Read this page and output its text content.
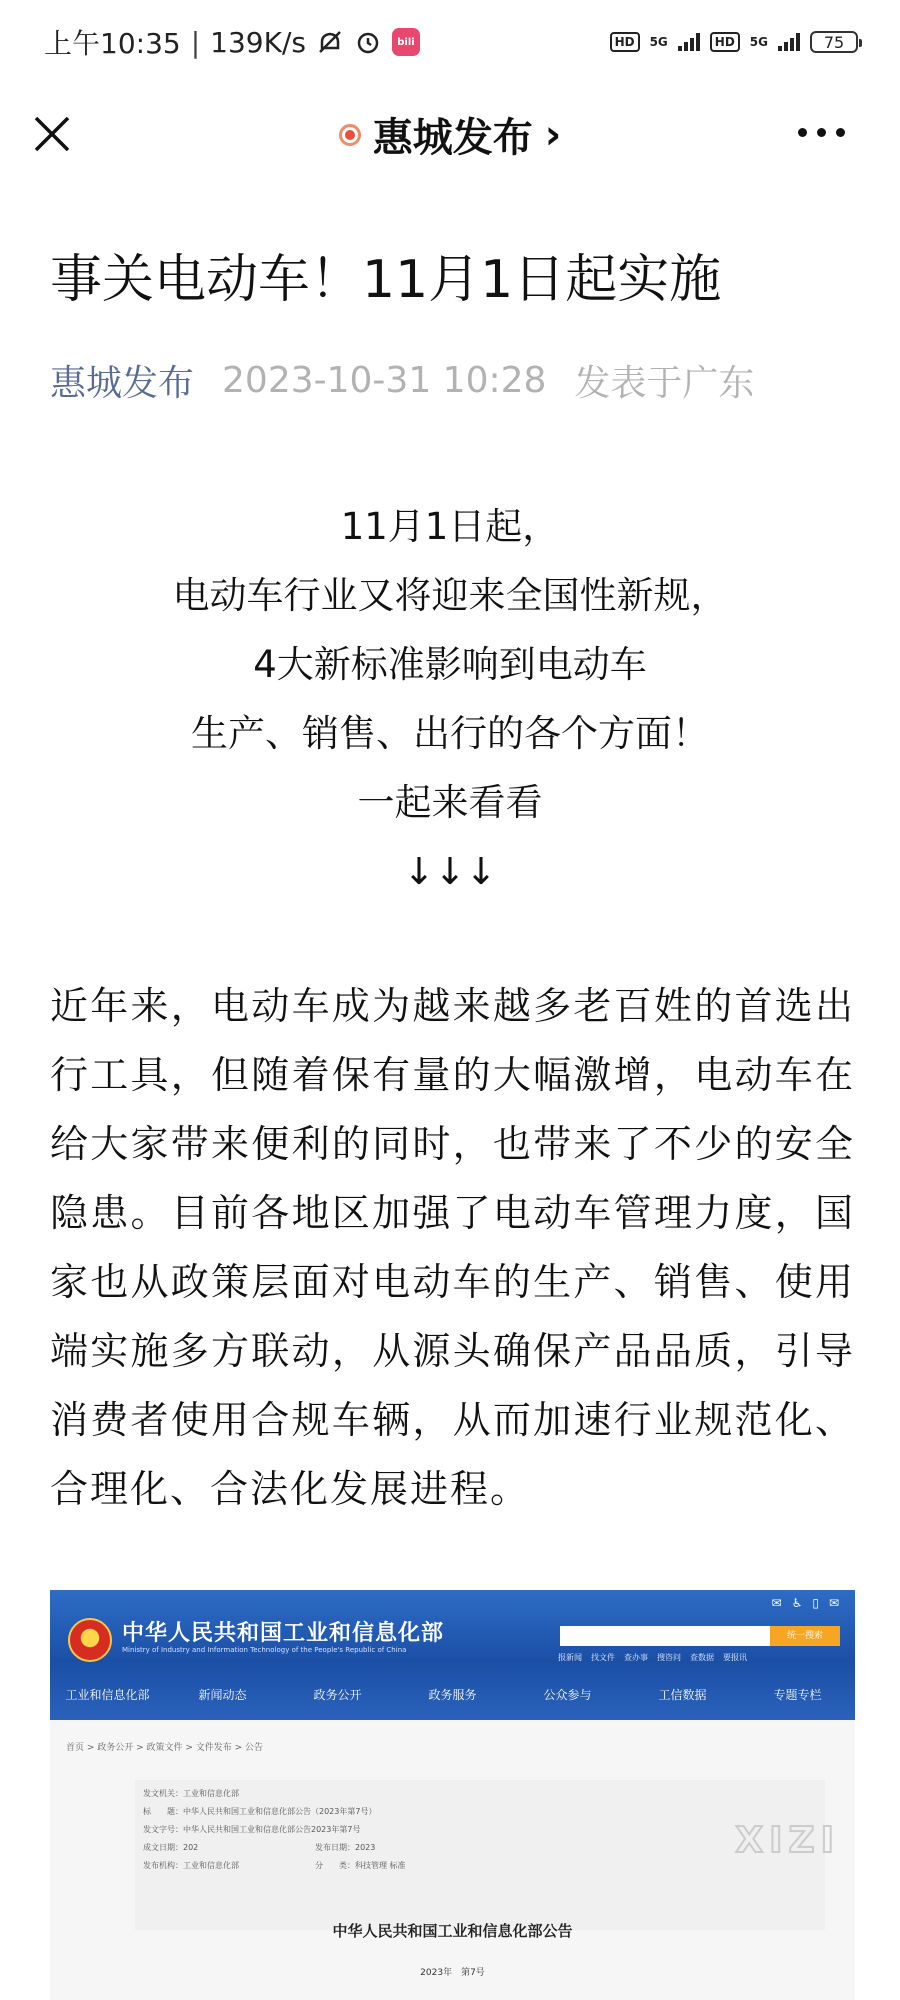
上午10:35 | 139K/s	bili	HD	5G	HD	5G	75
惠城发布 ›
事关电动车！11月1日起实施
惠城发布 2023-10-31 10:28 发表于广东
11月1日起，
电动车行业又将迎来全国性新规，
4大新标准影响到电动车
生产、销售、出行的各个方面！
一起来看看
↓↓↓

近年来，电动车成为越来越多老百姓的首选出行工具，但随着保有量的大幅激增，电动车在给大家带来便利的同时，也带来了不少的安全隐患。目前各地区加强了电动车管理力度，国家也从政策层面对电动车的生产、销售、使用端实施多方联动，从源头确保产品品质，引导消费者使用合规车辆，从而加速行业规范化、合理化、合法化发展进程。

中华人民共和国工业和信息化部
Ministry of Industry and Information Technology of the People's Republic of China
✉ ♿ ▯ ✉
统一搜索
报新闻 找文件 查办事 搜咨问 查数据 要报讯
工业和信息化部	新闻动态	政务公开	政务服务	公众参与	工信数据	专题专栏
首页 > 政务公开 > 政策文件 > 文件发布 > 公告
发文机关：工业和信息化部
标　　题：中华人民共和国工业和信息化部公告（2023年第7号）
发文字号：中华人民共和国工业和信息化部公告2023年第7号
成文日期：202	发布日期：2023
发布机构：工业和信息化部	分　　类：科技管理 标准
中华人民共和国工业和信息化部公告
2023年　第7号
XIZI
